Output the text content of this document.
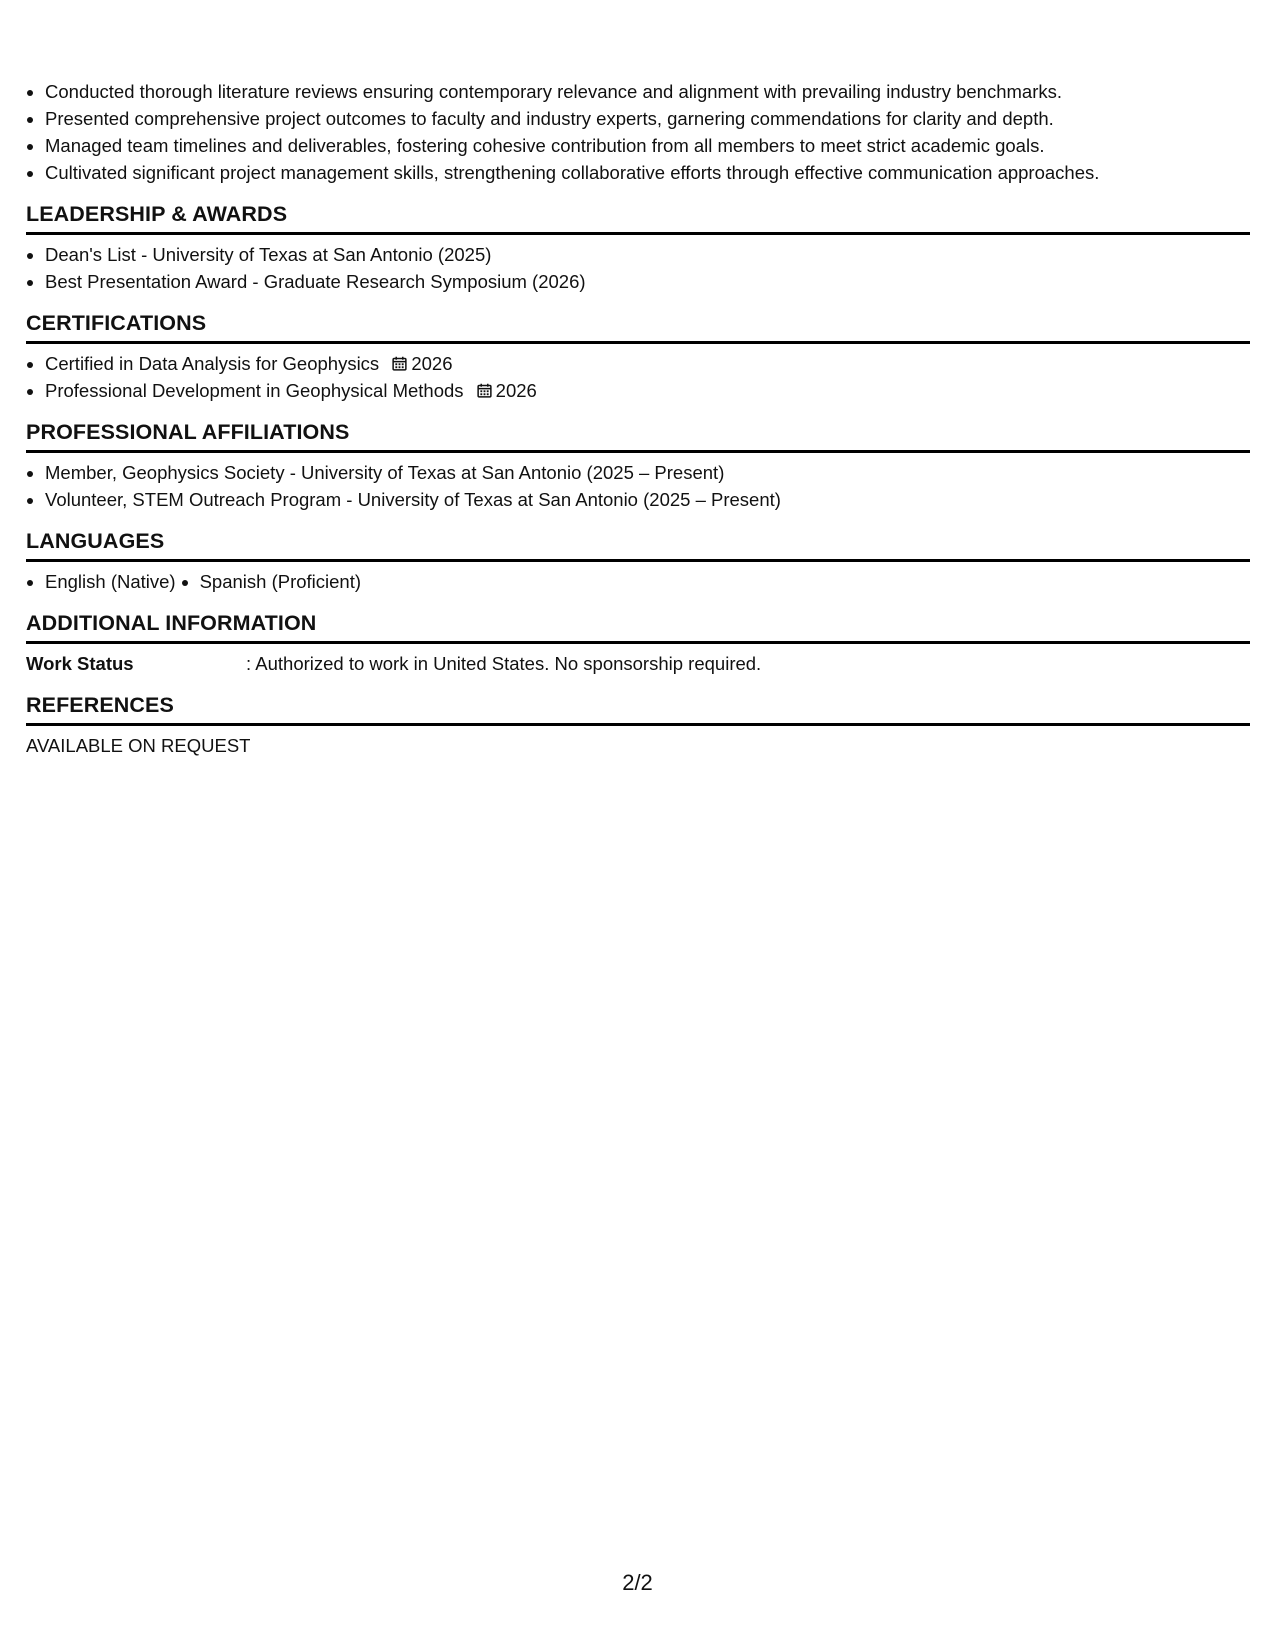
• Conducted thorough literature reviews ensuring contemporary relevance and alignment with prevailing industry benchmarks.
• Presented comprehensive project outcomes to faculty and industry experts, garnering commendations for clarity and depth.
• Managed team timelines and deliverables, fostering cohesive contribution from all members to meet strict academic goals.
• Cultivated significant project management skills, strengthening collaborative efforts through effective communication approaches.
LEADERSHIP & AWARDS
• Dean's List - University of Texas at San Antonio (2025)
• Best Presentation Award - Graduate Research Symposium (2026)
CERTIFICATIONS
• Certified in Data Analysis for Geophysics 2026
• Professional Development in Geophysical Methods 2026
PROFESSIONAL AFFILIATIONS
• Member, Geophysics Society - University of Texas at San Antonio (2025 – Present)
• Volunteer, STEM Outreach Program - University of Texas at San Antonio (2025 – Present)
LANGUAGES
• English (Native)
• Spanish (Proficient)
ADDITIONAL INFORMATION
Work Status	: Authorized to work in United States. No sponsorship required.
REFERENCES
AVAILABLE ON REQUEST
2/2
